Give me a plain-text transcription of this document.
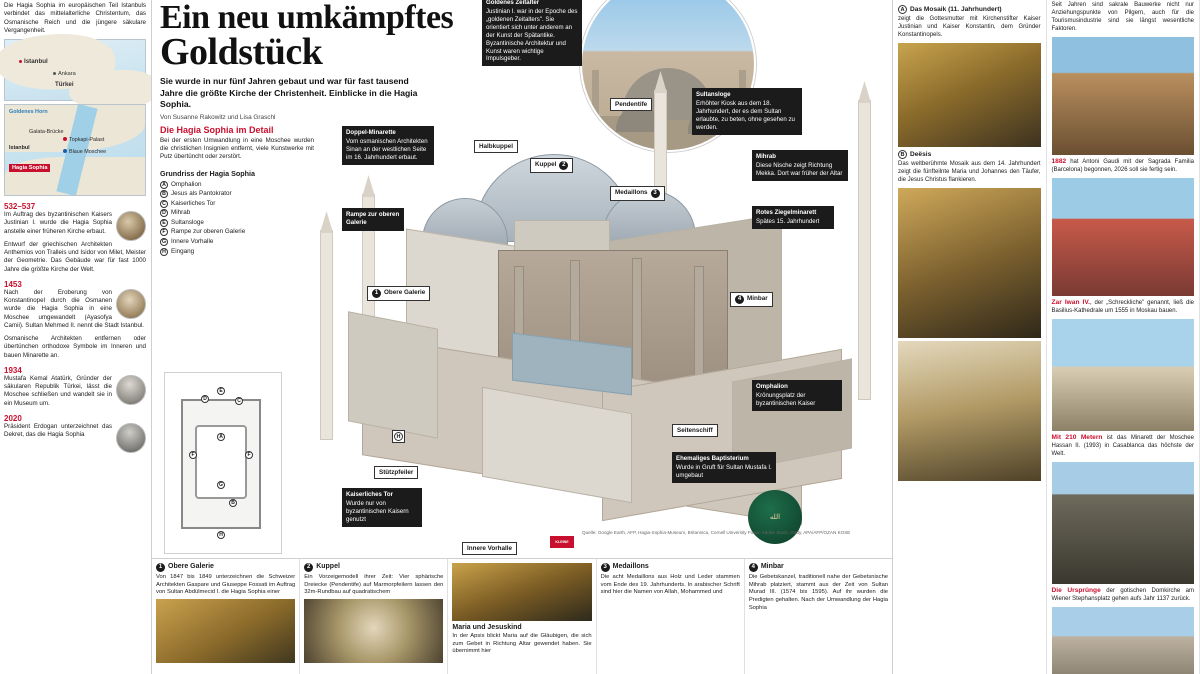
Die Hagia Sophia im europäischen Teil Istanbuls verbindet das mittelalterliche Christentum, das Osmanische Reich und die jüngere säkulare Vergangenheit.
Istanbul
Ankara
Türkei
Goldenes Horn
Galata-Brücke
Istanbul
Hagia Sophia
Topkapi-Palast
Blaue Moschee
532–537
Im Auftrag des byzantinischen Kaisers Justinian I. wurde die Hagia Sophia anstelle einer früheren Kirche erbaut.
Entwurf der griechischen Architekten Anthemios von Tralleis und Isidor von Milet, Meister der Geometrie. Das Gebäude war für fast 1000 Jahre die größte Kirche der Welt.
1453
Nach der Eroberung von Konstantinopel durch die Osmanen wurde die Hagia Sophia in eine Moschee umgewandelt (Ayasofya Camii). Sultan Mehmed II. nennt die Stadt Istanbul.
Osmanische Architekten entfernen oder übertünchen orthodoxe Symbole im Inneren und bauen Minarette an.
1934
Mustafa Kemal Atatürk, Gründer der säkularen Republik Türkei, lässt die Moschee schließen und wandelt sie in ein Museum um.
2020
Präsident Erdogan unterzeichnet das Dekret, das die Hagia Sophia
Ein neu umkämpftes
Goldstück
Sie wurde in nur fünf Jahren gebaut und war für fast tausend Jahre die größte Kirche der Christenheit. Einblicke in die Hagia Sophia.
Von Susanne Rakowitz und Lisa Graschl
Die Hagia Sophia im Detail
Bei der ersten Umwandlung in eine Moschee wurden die christlichen Insignien entfernt, viele Kunstwerke mit Putz übertüncht oder zerstört.
Grundriss der Hagia Sophia
A Omphalion
B Jesus als Pantokrator
C Kaiserliches Tor
D Mihrab
E Sultansloge
F Rampe zur oberen Galerie
G Innere Vorhalle
H Eingang
E
D	C
A
F	F
G
B
H
الله
KLEINE ZEITUNG
Quelle: Google Earth, AFP, Hagia-Sophia-Museum, Britannica, Cornell University Fotos: Adobe Stock, Getty, APA/AFP/OZAN KOSE
Goldenes Zeitalter
Justinian I. war in der Epoche des „goldenen Zeitalters". Sie orientiert sich unter anderem an der Kunst der Spätantike. Byzantinische Architektur und Kunst waren wichtige Impulsgeber.
Sultansloge
Erhöhter Kiosk aus dem 18. Jahrhundert, der es dem Sultan erlaubte, zu beten, ohne gesehen zu werden.
Mihrab
Diese Nische zeigt Richtung Mekka. Dort war früher der Altar
Rotes Ziegelminarett
Spätes 15. Jahrhundert
Doppel-Minarette
Vom osmanischen Architekten Sinan an der westlichen Seite im 16. Jahrhundert erbaut.
Rampe zur oberen Galerie
Omphalion
Krönungsplatz der byzantinischen Kaiser
Ehemaliges Baptisterium
Wurde in Gruft für Sultan Mustafa I. umgebaut
Kaiserliches Tor
Wurde nur von byzantinischen Kaisern genutzt
Pendentife
Halbkuppel
Kuppel 2
Medaillons 3
1 Obere Galerie
4 Minbar
Seitenschiff
Stützpfeiler
Innere Vorhalle
H
1 Obere Galerie
Von 1847 bis 1849 unterzeichnen die Schweizer Architekten Gaspare und Giuseppe Fossati im Auftrag von Sultan Abdülmecid I. die Hagia Sophia einer
2 Kuppel
Ein Vorzeigemodell ihrer Zeit: Vier sphärische Dreiecke (Pendentife) auf Marmorpfeilern lassen den 32m-Rundbau auf quadratischem
Maria und Jesuskind
In der Apsis blickt Maria auf die Gläubigen, die sich zum Gebet in Richtung Altar gewendet haben. Sie übernimmt hier
3 Medaillons
Die acht Medaillons aus Holz und Leder stammen vom Ende des 19. Jahrhunderts. In arabischer Schrift sind hier die Namen von Allah, Mohammed und
4 Minbar
Die Gebetskanzel, traditionell nahe der Gebetsnische Mihrab platziert, stammt aus der Zeit von Sultan Murad III. (1574 bis 1595). Auf ihr wurden die Predigten gehalten. Nach der Umwandlung der Hagia Sophia
A Das Mosaik (11. Jahrhundert)
zeigt die Gottesmutter mit Kirchenstifter Kaiser Justinian und Kaiser Konstantin, dem Gründer Konstantinopels.
B Deësis
Das weltberühmte Mosaik aus dem 14. Jahrhundert zeigt die fünfteilnte Maria und Johannes den Täufer, die Jesus Christus flankieren.
Seit Jahren sind sakrale Bauwerke nicht nur Anziehungspunkte von Pilgern, auch für die Tourismusindustrie sind sie längst wesentliche Faktoren.
1882 hat Antoni Gaudi mit der Sagrada Familia (Barcelona) begonnen, 2026 soll sie fertig sein.
Zar Iwan IV., der „Schreckliche" genannt, ließ die Basilius-Kathedrale um 1555 in Moskau bauen.
Mit 210 Metern ist das Minarett der Moschee Hassan II. (1993) in Casablanca das höchste der Welt.
Die Ursprünge der gotischen Domkirche am Wiener Stephansplatz gehen aufs Jahr 1137 zurück.
